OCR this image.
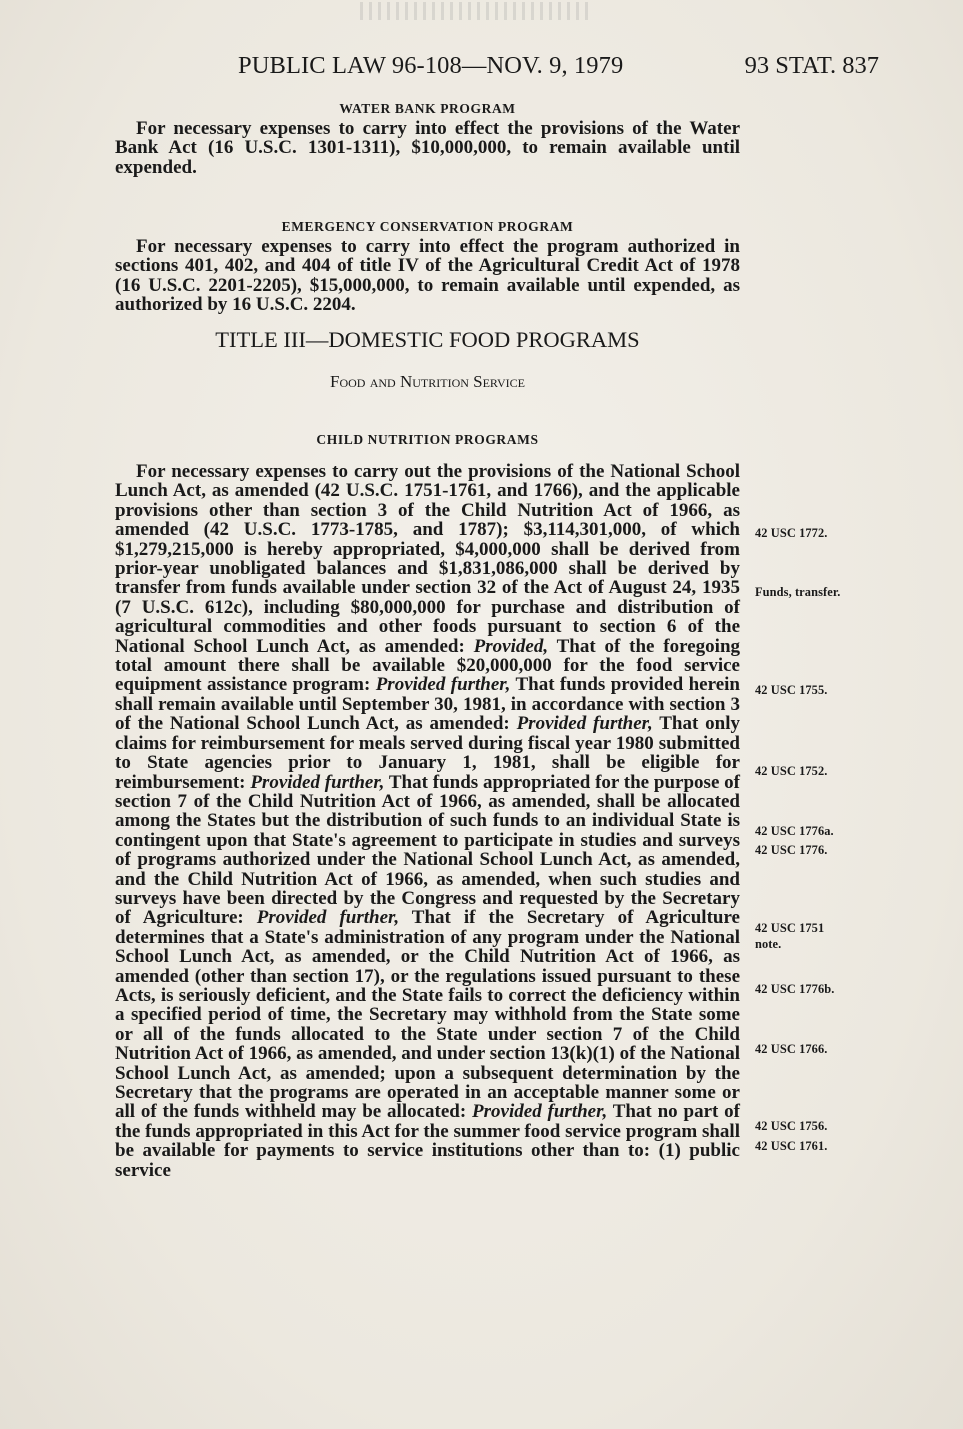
PUBLIC LAW 96-108—NOV. 9, 1979	93 STAT. 837
WATER BANK PROGRAM

For necessary expenses to carry into effect the provisions of the Water Bank Act (16 U.S.C. 1301-1311), $10,000,000, to remain available until expended.

EMERGENCY CONSERVATION PROGRAM

For necessary expenses to carry into effect the program authorized in sections 401, 402, and 404 of title IV of the Agricultural Credit Act of 1978 (16 U.S.C. 2201-2205), $15,000,000, to remain available until expended, as authorized by 16 U.S.C. 2204.

TITLE III—DOMESTIC FOOD PROGRAMS
Food and Nutrition Service
CHILD NUTRITION PROGRAMS

For necessary expenses to carry out the provisions of the National School Lunch Act, as amended (42 U.S.C. 1751-1761, and 1766), and the applicable provisions other than section 3 of the Child Nutrition Act of 1966, as amended (42 U.S.C. 1773-1785, and 1787); $3,114,301,000, of which $1,279,215,000 is hereby appropriated, $4,000,000 shall be derived from prior-year unobligated balances and $1,831,086,000 shall be derived by transfer from funds available under section 32 of the Act of August 24, 1935 (7 U.S.C. 612c), including $80,000,000 for purchase and distribution of agricultural commodities and other foods pursuant to section 6 of the National School Lunch Act, as amended: Provided, That of the foregoing total amount there shall be available $20,000,000 for the food service equipment assistance program: Provided further, That funds provided herein shall remain available until September 30, 1981, in accordance with section 3 of the National School Lunch Act, as amended: Provided further, That only claims for reimbursement for meals served during fiscal year 1980 submitted to State agencies prior to January 1, 1981, shall be eligible for reimbursement: Provided further, That funds appropriated for the purpose of section 7 of the Child Nutrition Act of 1966, as amended, shall be allocated among the States but the distribution of such funds to an individual State is contingent upon that State's agreement to participate in studies and surveys of programs authorized under the National School Lunch Act, as amended, and the Child Nutrition Act of 1966, as amended, when such studies and surveys have been directed by the Congress and requested by the Secretary of Agriculture: Provided further, That if the Secretary of Agriculture determines that a State's administration of any program under the National School Lunch Act, as amended, or the Child Nutrition Act of 1966, as amended (other than section 17), or the regulations issued pursuant to these Acts, is seriously deficient, and the State fails to correct the deficiency within a specified period of time, the Secretary may withhold from the State some or all of the funds allocated to the State under section 7 of the Child Nutrition Act of 1966, as amended, and under section 13(k)(1) of the National School Lunch Act, as amended; upon a subsequent determination by the Secretary that the programs are operated in an acceptable manner some or all of the funds withheld may be allocated: Provided further, That no part of the funds appropriated in this Act for the summer food service program shall be available for payments to service institutions other than to: (1) public service

42 USC 1772.
Funds, transfer.
42 USC 1755.
42 USC 1752.
42 USC 1776a.
42 USC 1776.
42 USC 1751
note.
42 USC 1776b.
42 USC 1766.
42 USC 1756.
42 USC 1761.
